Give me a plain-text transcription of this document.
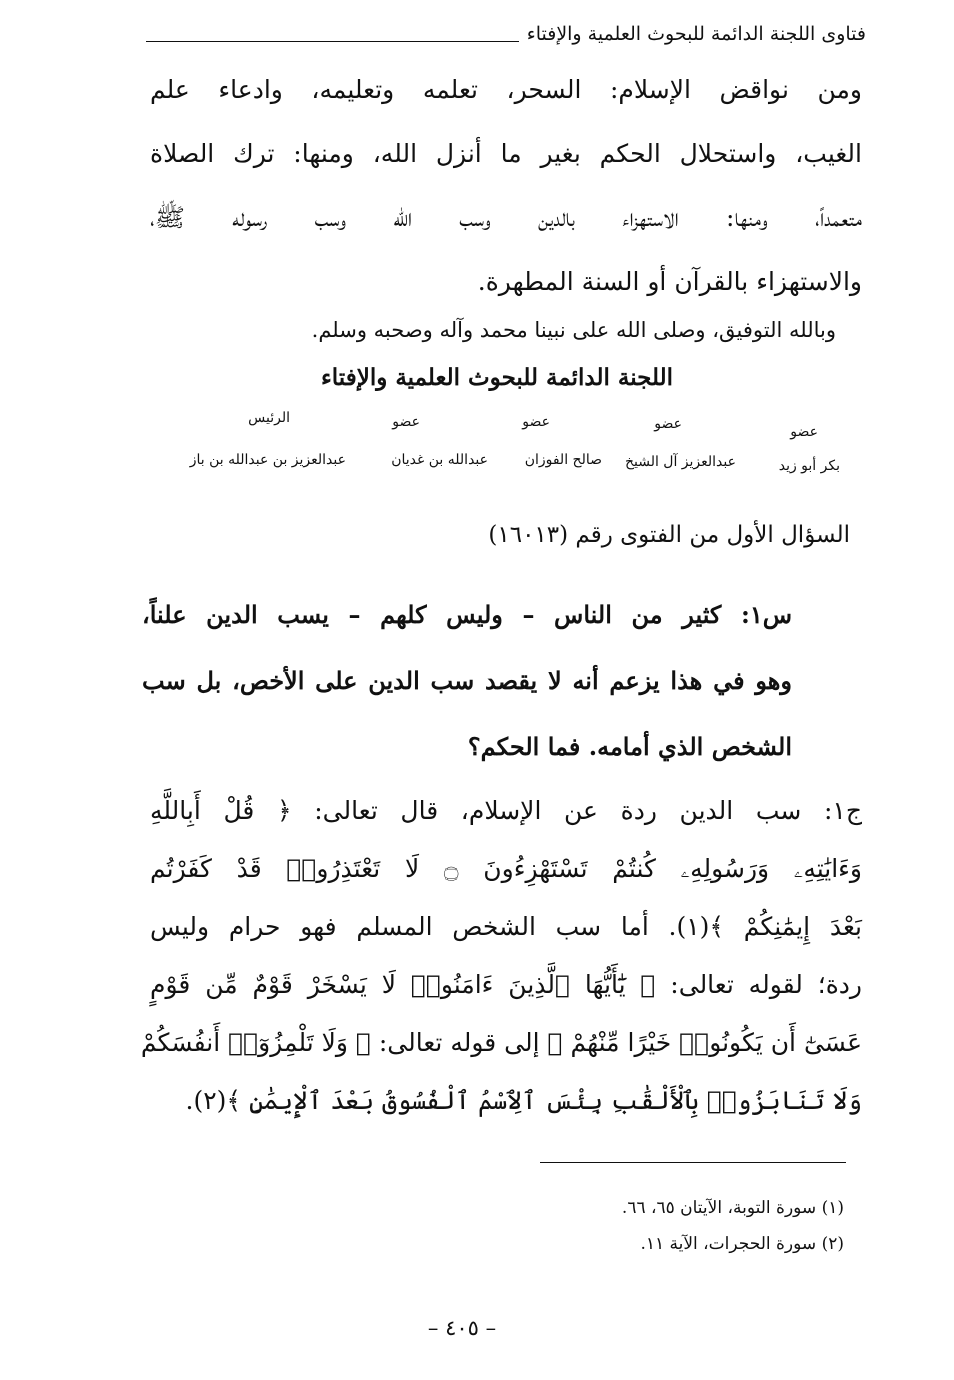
فتاوى اللجنة الدائمة للبحوث العلمية والإفتاء
ومن نواقض الإسلام: السحر، تعلمه وتعليمه، وادعاء علم
الغيب، واستحلال الحكم بغير ما أنزل الله، ومنها: ترك الصلاة
متعمداً، ومنها: الاستهزاء بالدين وسب الله وسب رسوله ﷺ،
والاستهزاء بالقرآن أو السنة المطهرة.
وبالله التوفيق، وصلى الله على نبينا محمد وآله وصحبه وسلم.
اللجنة الدائمة للبحوث العلمية والإفتاء
عضو
عضو
عضو
عضو
الرئيس
بكر أبو زيد
عبدالعزيز آل الشيخ
صالح الفوزان
عبدالله بن غديان
عبدالعزيز بن عبدالله بن باز
السؤال الأول من الفتوى رقم (١٦٠١٣)
س١: كثير من الناس – وليس كلهم – يسب الدين علناً،
وهو في هذا يزعم أنه لا يقصد سب الدين على الأخص، بل سب
الشخص الذي أمامه. فما الحكم؟
ج١: سب الدين ردة عن الإسلام، قال تعالى: ﴿ قُلْ أَبِاللَّهِ
وَءَايَٰتِهِۦ وَرَسُولِهِۦ كُنتُمْ تَسْتَهْزِءُونَ ۝ لَا تَعْتَذِرُوا۟ قَدْ كَفَرْتُم
بَعْدَ إِيمَٰنِكُمْ ﴾(١). أما سب الشخص المسلم فهو حرام وليس
ردة؛ لقوله تعالى: ﴿ يَٰٓأَيُّهَا ٱلَّذِينَ ءَامَنُوا۟ لَا يَسْخَرْ قَوْمٌ مِّن قَوْمٍ
عَسَىٰٓ أَن يَكُونُوا۟ خَيْرًا مِّنْهُمْ ﴾ إلى قوله تعالى: ﴿ وَلَا تَلْمِزُوٓا۟ أَنفُسَكُمْ
وَلَا تَنَابَزُوا۟ بِٱلْأَلْقَٰبِ بِئْسَ ٱلِٱسْمُ ٱلْفُسُوقُ بَعْدَ ٱلْإِيمَٰنِ ﴾(٢).
(١) سورة التوبة، الآيتان ٦٥، ٦٦.
(٢) سورة الحجرات، الآية ١١.
– ٤٠٥ –
